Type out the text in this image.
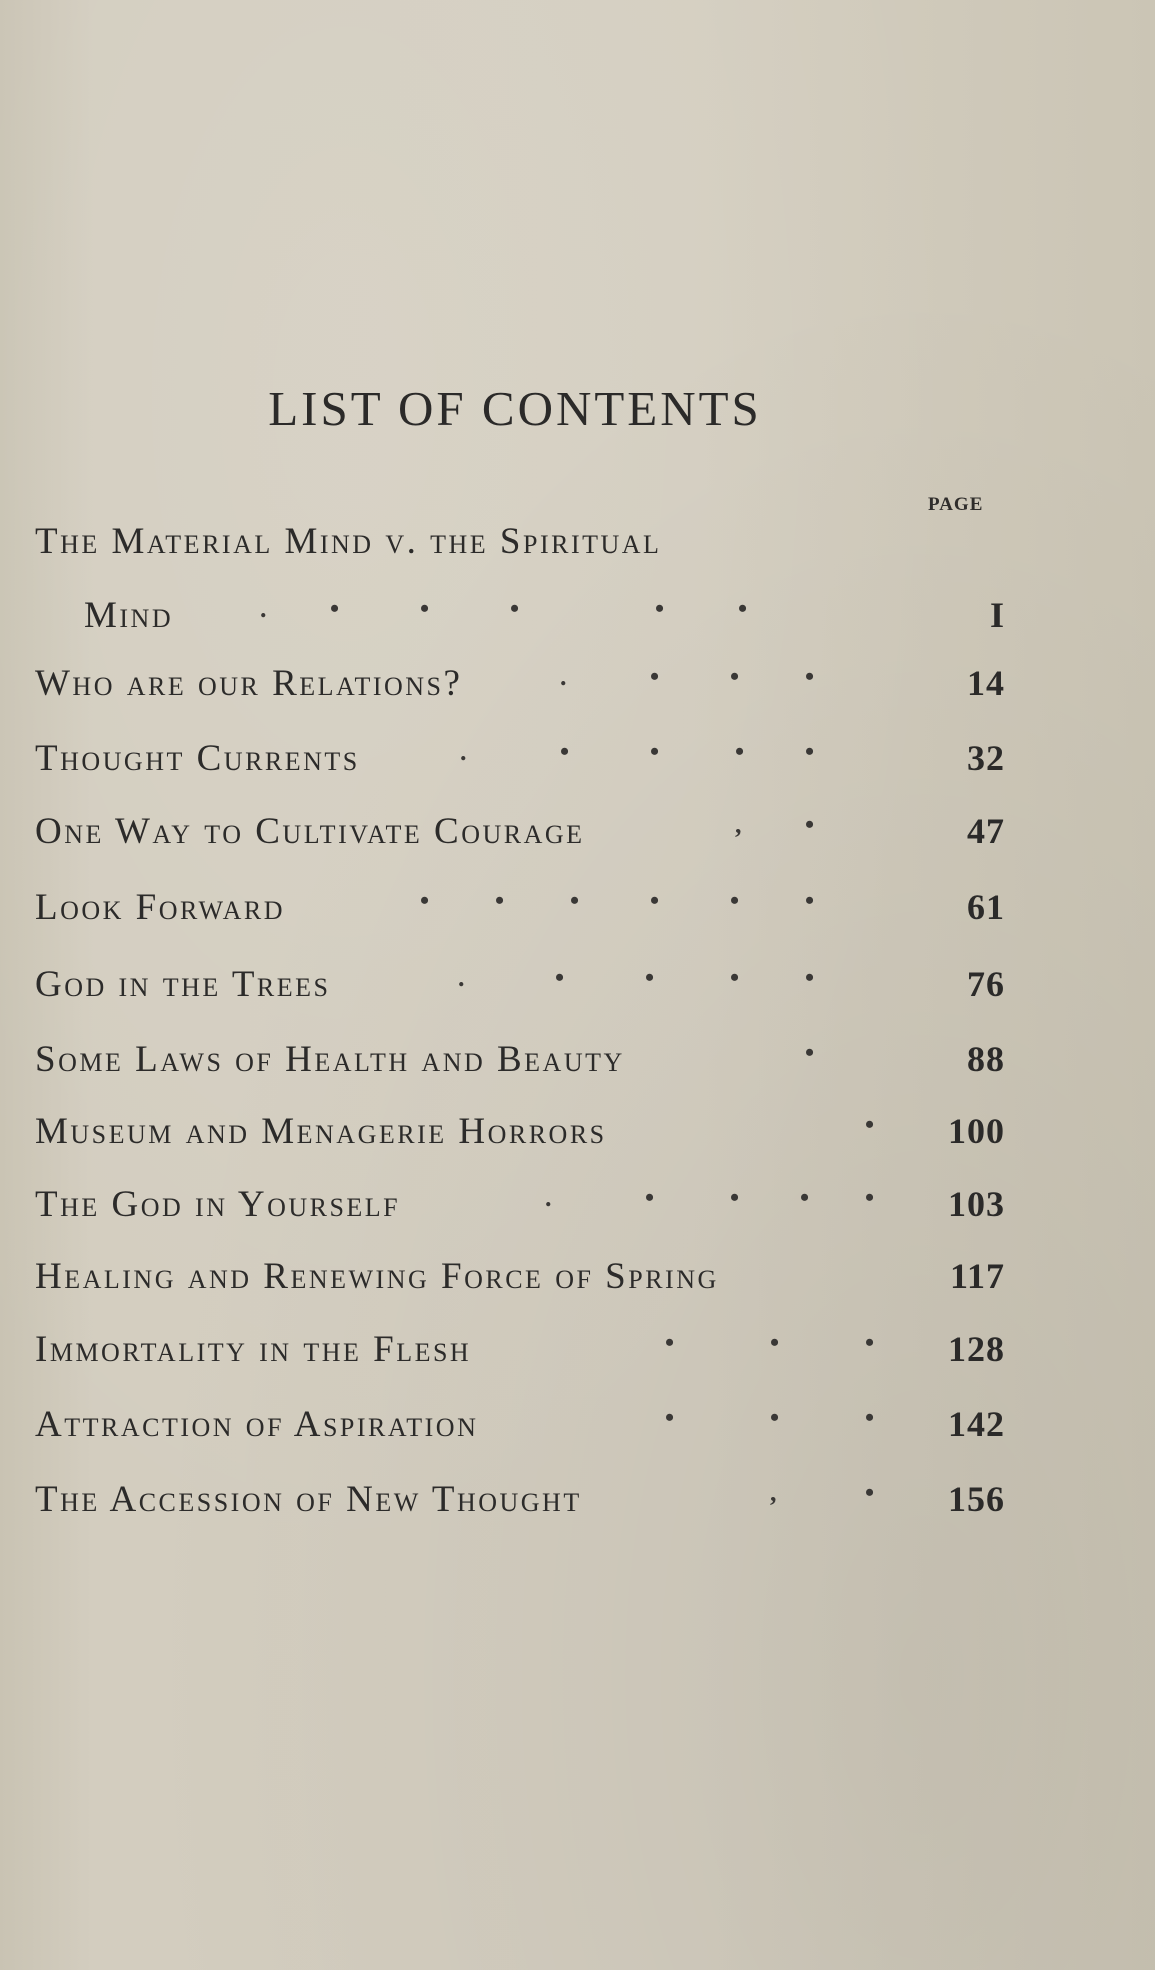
LIST OF CONTENTS
PAGE
The Material Mind v. the Spiritual
Mind	. •	•	•	•	•	I
Who are our Relations?	.	•	•	•	14
Thought Currents	.	•	•	• •	32
One Way to Cultivate Courage	, •	47
Look Forward	•	•	•	•	•	•	61
God in the Trees	.	•	•	•	•	76
Some Laws of Health and Beauty	•	88
Museum and Menagerie Horrors	• 100
The God in Yourself	.	•	• • • 103
Healing and Renewing Force of Spring	117
Immortality in the Flesh	•	•	• 128
Attraction of Aspiration	•	•	• 142
The Accession of New Thought	,	• 156
